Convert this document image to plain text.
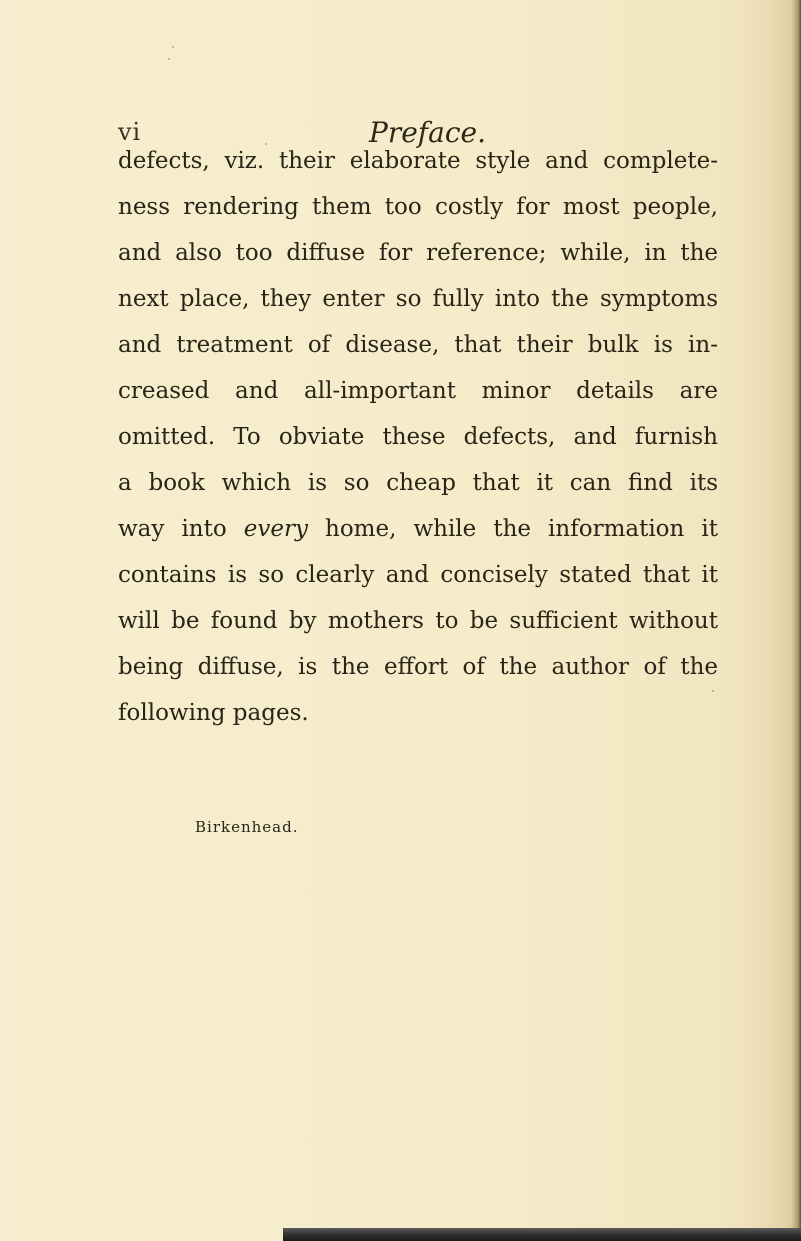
vi	Preface.
defects, viz. their elaborate style and complete-
ness rendering them too costly for most people,
and also too diffuse for reference; while, in the
next place, they enter so fully into the symptoms
and treatment of disease, that their bulk is in-
creased and all-important minor details are
omitted. To obviate these defects, and furnish
a book which is so cheap that it can find its
way into every home, while the information it
contains is so clearly and concisely stated that it
will be found by mothers to be sufficient without
being diffuse, is the effort of the author of the
following pages.
Birkenhead.
